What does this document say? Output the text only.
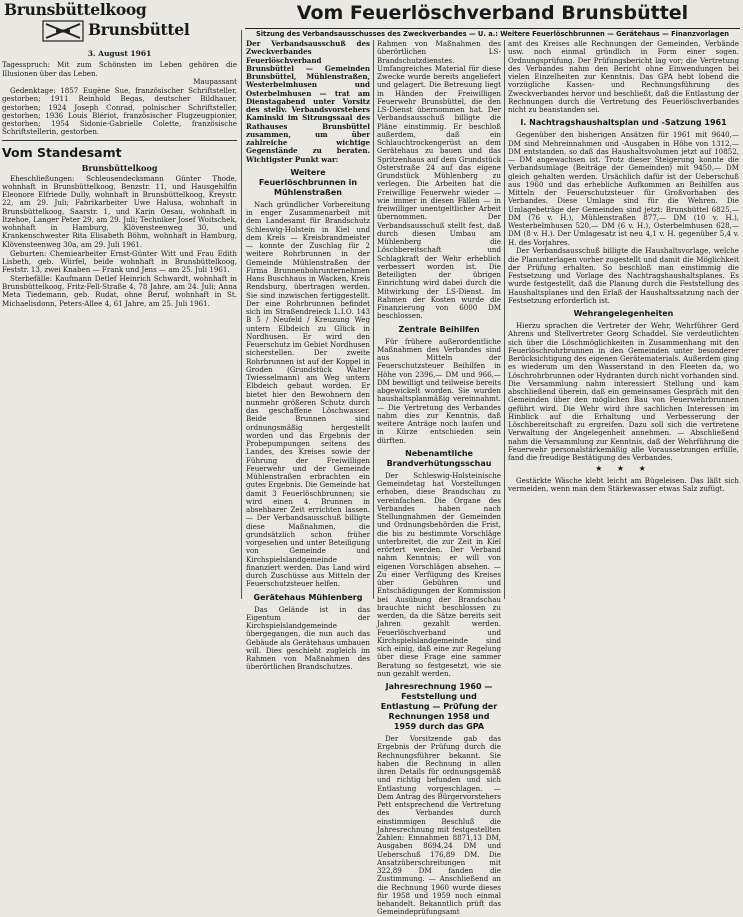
Brunsbüttelkoog
Brunsbüttel
3. August 1961

Tagesspruch: Mit zum Schönsten im Leben gehören die Illusionen über das Leben.

Maupassant

Gedenktage: 1857 Eugène Sue, französischer Schriftsteller, gestorben; 1911 Reinhold Begas, deutscher Bildhauer, gestorben; 1924 Joseph Conrad, polnischer Schriftsteller, gestorben; 1936 Louis Blériot, französischer Flugzeugpionier, gestorben; 1954 Sidonie-Gabrielle Colette, französische Schriftstellerin, gestorben.

Vom Standesamt
Brunsbüttelkoog

Eheschließungen: Schleusendecksmann Günter Thode, wohnhaft in Brunsbüttelkoog, Benzstr. 11, und Hausgehilfin Eleonore Elfriede Dully, wohnhaft in Brunsbüttelkoog, Kreystr. 22, am 29. Juli; Fabrikarbeiter Uwe Halusa, wohnhaft in Brunsbüttelkoog, Saarstr. 1, und Karin Oesau, wohnhaft in Itzehoe, Langer Peter 29, am 29. Juli; Techniker Josef Woitschek, wohnhaft in Hamburg, Klövensteenweg 30, und Krankenschwester Rita Elisabeth Böhm, wohnhaft in Hamburg, Klövensteenweg 30a, am 29. Juli 1961.

Geburten: Chemiearbeiter Ernst-Günter Witt und Frau Edith Lisbeth, geb. Würfel, beide wohnhaft in Brunsbüttelkoog, Feststr. 13, zwei Knaben — Frank und Jens — am 25. Juli 1961.

Sterbefälle: Kaufmann Detlef Heinrich Schwardt, wohnhaft in Brunsbüttelkoog, Fritz-Fell-Straße 4, 78 Jahre, am 24. Juli; Anna Meta Tiedemann, geb. Rudat, ohne Beruf, wohnhaft in St. Michaelisdonn, Peters-Allee 4, 61 Jahre, am 25. Juli 1961.

Vom Feuerlöschverband Brunsbüttel
Sitzung des Verbandsausschusses des Zweckverbandes — U. a.: Weitere Feuerlöschbrunnen — Gerätehaus — Finanzvorlagen

Der Verbandsausschuß des Zweckverbandes Feuerlöschverband Brunsbüttel — Gemeinden Brunsbüttel, Mühlenstraßen, Westerbelmhusen und Osterbelmhusen — trat am Dienstagabend unter Vorsitz des stellv. Verbandsvorstehers Kaminski im Sitzungssaal des Rathauses Brunsbüttel zusammen, um über zahlreiche wichtige Gegenstände zu beraten. Wichtigster Punkt war:

Weitere Feuerlöschbrunnen in Mühlenstraßen

Nach gründlicher Vorbereitung in enger Zusammenarbeit mit dem Landesamt für Brandschutz Schleswig-Holstein in Kiel und dem Kreis — Kreisbrandmeister — konnte der Zuschlag für 2 weitere Rohrbrunnen in der Gemeinde Mühlenstraßen der Firma Brunnenbohrunternehmen Hans Buschhaus in Wacken, Kreis Rendsburg, übertragen werden. Sie sind inzwischen fertiggestellt. Der eine Rohrbrunnen befindet sich im Straßendreieck L.I.O. 143 B 5 / Neufeld / Kreuzung Weg untern Elbdeich zu Glück in Nordhusen. Er wird den Feuerschutz im Gebiet Nordhusen sicherstellen. Der zweite Rohrbrunnen ist auf der Koppel in Groden (Grundstück Walter Twiesselmann) am Weg untern Elbdeich gebaut worden. Er bietet hier den Bewohnern den nunmehr größeren Schutz durch das geschaffene Löschwasser. Beide Brunnen sind ordnungsmäßig hergestellt worden und das Ergebnis der Probepumpungen seitens des Landes, des Kreises sowie der Führung der Freiwilligen Feuerwehr und der Gemeinde Mühlenstraßen erbrachten ein gutes Ergebnis. Die Gemeinde hat damit 3 Feuerlöschbrunnen; sie wird einen 4. Brunnen in absehbarer Zeit errichten lassen. — Der Verbandsausschuß billigte diese Maßnahmen, die grundsätzlich schon früher vorgesehen und unter Beteiligung von Gemeinde und Kirchspielslandgemeinde finanziert werden. Das Land wird durch Zuschüsse aus Mitteln der Feuerschutzsteuer helfen.

Gerätehaus Mühlenberg

Das Gelände ist in das Eigentum der Kirchspielslandgemeinde übergegangen, die nun auch das Gebäude als Gerätehaus umbauen will. Dies geschieht zugleich im Rahmen von Maßnahmen des überörtlichen Brandschutzes.

Rahmen von Maßnahmen des überörtlichen LS-Brandschutzdienstes. Umfangreiches Material für diese Zwecke wurde bereits angeliefert und gelagert. Die Betreuung liegt in Händen der Freiwilligen Feuerwehr Brunsbüttel, die den LS-Dienst übernommen hat. Der Verbandsausschuß billigte die Pläne einstimmig. Er beschloß außerdem, daß ein Schlauchtrockengerüst an dem Gerätehaus zu bauen und das Spritzenhaus auf dem Grundstück Osterstraße 24 auf das eigene Grundstück Mühlenberg zu verlegen. Die Arbeiten hat die Freiwillige Feuerwehr wieder — wie immer in diesen Fällen — in freiwilliger unentgeltlicher Arbeit übernommen. Der Verbandsausschuß stellt fest, daß durch diesen Umbau am Mühlenberg die Löschbereitschaft und Schlagkraft der Wehr erheblich verbessert worden ist. Die Beteiligten der übrigen Einrichtung wird dabei durch die Mitwirkung der LS-Dienst. Im Rahmen der Kosten wurde die Finanzierung von 6000 DM beschlossen.

Zentrale Beihilfen

Für frühere außerordentliche Maßnahmen des Verbandes sind aus Mitteln der Feuerschutzsteuer Beihilfen in Höhe von 2396,— DM und 966,— DM bewilligt und teilweise bereits abgewickelt worden. Sie wurden haushaltsplanmäßig vereinnahmt. — Die Vertretung des Verbandes nahm dies zur Kenntnis, daß weitere Anträge noch laufen und in Kürze entschieden sein dürften.

Nebenamtliche Brandverhütungsschau

Der Schleswig-Holsteinische Gemeindetag hat Vorstellungen erhoben, diese Brandschau zu vereinfachen. Die Organe des Verbandes haben nach Stellungnahmen der Gemeinden und Ordnungsbehörden die Frist, die bis zu bestimmte Vorschläge unterbreitet, die zur Zeit in Kiel erörtert werden. Der Verband nahm Kenntnis; er will von eigenen Vorschlägen absehen. — Zu einer Verfügung des Kreises über Gebühren und Entschädigungen der Kommission bei Ausübung der Brandschau brauchte nicht beschlossen zu werden, da die Sätze bereits seit Jahren gezahlt werden. Feuerlöschverband und Kirchspielslandgemeinde sind sich einig, daß eine zur Regelung über diese Frage eine sammer Beratung so festgesetzt, wie sie nun gezahlt werden.

Jahresrechnung 1960 — Feststellung und Entlastung — Prüfung der Rechnungen 1958 und 1959 durch das GPA

Der Vorsitzende gab das Ergebnis der Prüfung durch die Rechnungsführer bekannt. Sie haben die Rechnung in allen ihren Details für ordnungsgemäß und richtig befunden und sich Entlastung vorgeschlagen. — Dem Antrag des Bürgervorstehers Pett entsprechend die Vertretung des Verbandes durch einstimmigen Beschluß die Jahresrechnung mit festgestellten Zahlen: Einnahmen 8871,13 DM, Ausgaben 8694,24 DM und Ueberschuß 176,89 DM. Die Ansatzüberschreitungen mit 322,89 DM fanden die Zustimmung. — Anschließend an die Rechnung 1960 wurde dieses für 1958 und 1959 noch einmal behandelt. Bekanntlich prüft das Gemeindeprüfungsamt

amt des Kreises alle Rechnungen der Gemeinden, Verbände usw. noch einmal gründlich in Form einer sogen. Ordnungsprüfung. Der Prüfungsbericht lag vor; die Vertretung des Verbandes nahm den Bericht ohne Einwendungen bei vielen Einzelheiten zur Kenntnis. Das GPA hebt lobend die vorzügliche Kassen- und Rechnungsführung des Zweckverbandes hervor und beschließt, daß die Entlastung der Rechnungen durch die Vertretung des Feuerlöschverbandes nicht zu beanstanden sei.

I. Nachtragshaushaltsplan und -Satzung 1961

Gegenüber den bisherigen Ansätzen für 1961 mit 9640,— DM sind Mehreinnahmen und -Ausgaben in Höhe von 1312,— DM entstanden, so daß das Haushaltsvolumen jetzt auf 10852,— DM angewachsen ist. Trotz dieser Steigerung konnte die Verbandsumlage (Beiträge der Gemeinden) mit 9450,— DM gleich gehalten werden. Ursächlich dafür ist der Ueberschuß aus 1960 und das erhebliche Aufkommen an Beihilfen aus Mitteln der Feuerschutzsteuer für Großvorhaben des Verbandes. Diese Umlage sind für die Wehren. Die Umlagebeträge der Gemeinden sind jetzt: Brunsbüttel 6825,— DM (76 v. H.), Mühlenstraßen 877,— DM (10 v. H.), Westerbelmhusen 520,— DM (6 v. H.), Osterbelmhusen 628,— DM (8 v. H.). Der Umlagesatz ist neu 4,1 v. H. gegenüber 5,4 v. H. des Vorjahres.

Der Verbandsausschuß billigte die Haushaltsvorlage, welche die Planunterlagen vorher zugestellt und damit die Möglichkeit der Prüfung erhalten. So beschloß man einstimmig die Festsetzung und Vorlage des Nachtragshaushaltsplanes. Es wurde festgestellt, daß die Planung durch die Feststellung des Haushaltsplanes und den Erlaß der Haushaltssatzung nach der Festsetzung erforderlich ist.

Wehrangelegenheiten

Hierzu sprachen die Vertreter der Wehr, Wehrführer Gerd Ahrens und Stellvertreter Georg Schaddel. Sie verdeutlichten sich über die Löschmöglichkeiten in Zusammenhang mit den Feuerlöschrohrbrunnen in den Gemeinden unter besonderer Berücksichtigung des eigenen Gerätematerials. Außerdem ging es wiederum um den Wasserstand in den Fleeten da, wo Löschrohrbrunnen oder Hydranten durch nicht vorhanden sind. Die Versammlung nahm interessiert Stellung und kam abschließend überein, daß ein gemeinsames Gespräch mit den Gemeinden über den möglichen Bau von Feuerwehrbrunnen geführt wird. Die Wehr wird ihre sachlichen Interessen im Hinblick auf die Erhaltung und Verbesserung der Löschbereitschaft zu ergreifen. Dazu soll sich die vertretene Verwaltung der Angelegenheit annehmen. — Abschließend nahm die Versammlung zur Kenntnis, daß der Wehrführung die Feuerwehr personalstärkemäßig alle Voraussetzungen erfülle, fand die freudige Bestätigung des Verbandes.

★ ★ ★

Gestärkte Wäsche klebt leicht am Bügeleisen. Das läßt sich vermeiden, wenn man dem Stärkewasser etwas Salz zufügt.
